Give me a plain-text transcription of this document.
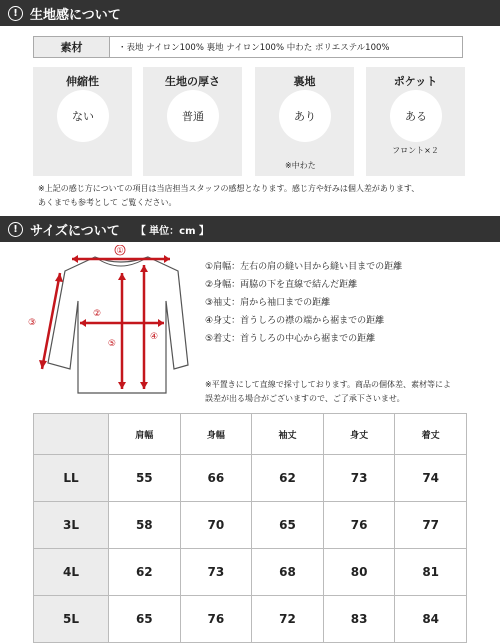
! 生地感について
素材	・表地 ナイロン100% 裏地 ナイロン100% 中わた ポリエステル100%
伸縮性
ない
生地の厚さ
普通
裏地
あり
※中わた
ポケット
ある
フロント×２
※上記の感じ方についての項目は当店担当スタッフの感想となります。感じ方や好みは個人差があります、
あくまでも参考として ご覧ください。
! サイズについて 【 単位：cm 】
①
②
③
④
⑤
①肩幅：左右の肩の縫い目から縫い目までの距離
②身幅：両脇の下を直線で結んだ距離
③袖丈：肩から袖口までの距離
④身丈：首うしろの襟の端から裾までの距離
⑤着丈：首うしろの中心から裾までの距離
※平置きにして直線で採寸しております。商品の個体差、素材等によ
誤差が出る場合がございますので、ご了承下さいませ。
	肩幅	身幅	袖丈	身丈	着丈
LL	55	66	62	73	74
3L	58	70	65	76	77
4L	62	73	68	80	81
5L	65	76	72	83	84
